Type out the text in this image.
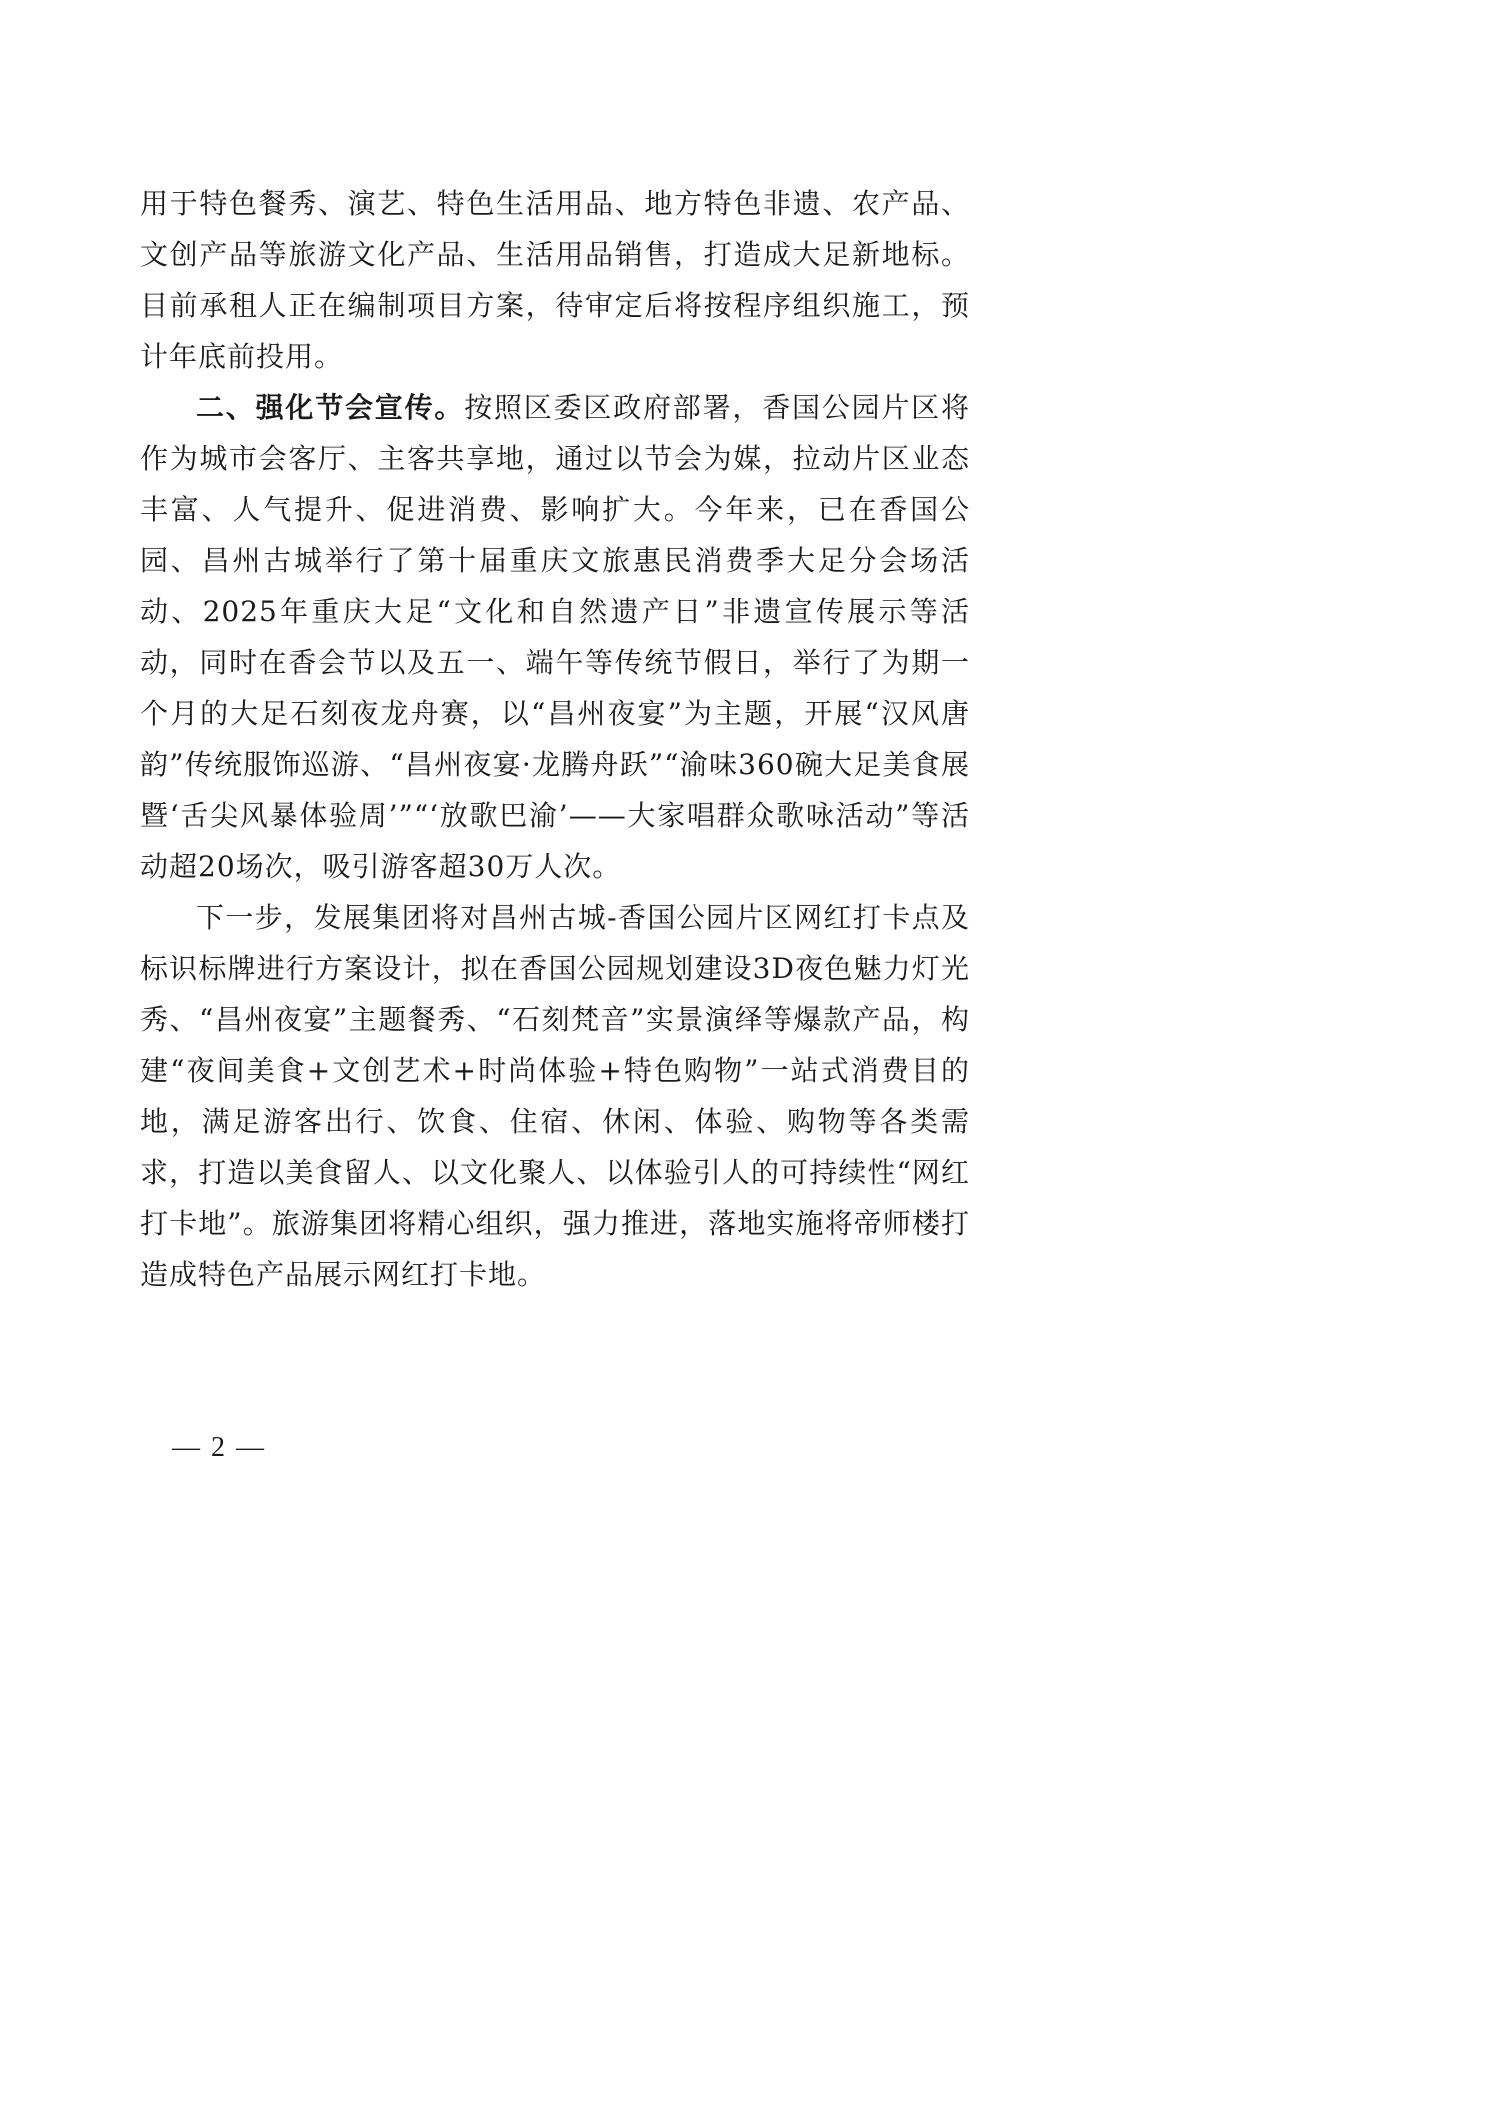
用于特色餐秀、演艺、特色生活用品、地方特色非遗、农产品、文创产品等旅游文化产品、生活用品销售，打造成大足新地标。目前承租人正在编制项目方案，待审定后将按程序组织施工，预计年底前投用。

二、强化节会宣传。按照区委区政府部署，香国公园片区将作为城市会客厅、主客共享地，通过以节会为媒，拉动片区业态丰富、人气提升、促进消费、影响扩大。今年来，已在香国公园、昌州古城举行了第十届重庆文旅惠民消费季大足分会场活动、2025年重庆大足“文化和自然遗产日”非遗宣传展示等活动，同时在香会节以及五一、端午等传统节假日，举行了为期一个月的大足石刻夜龙舟赛，以“昌州夜宴”为主题，开展“汉风唐韵”传统服饰巡游、“昌州夜宴·龙腾舟跃”“渝味360碗大足美食展暨‘舌尖风暴体验周’”“‘放歌巴渝’——大家唱群众歌咏活动”等活动超20场次，吸引游客超30万人次。

下一步，发展集团将对昌州古城-香国公园片区网红打卡点及标识标牌进行方案设计，拟在香国公园规划建设3D夜色魅力灯光秀、“昌州夜宴”主题餐秀、“石刻梵音”实景演绎等爆款产品，构建“夜间美食+文创艺术+时尚体验+特色购物”一站式消费目的地，满足游客出行、饮食、住宿、休闲、体验、购物等各类需求，打造以美食留人、以文化聚人、以体验引人的可持续性“网红打卡地”。旅游集团将精心组织，强力推进，落地实施将帝师楼打造成特色产品展示网红打卡地。

— 2 —
